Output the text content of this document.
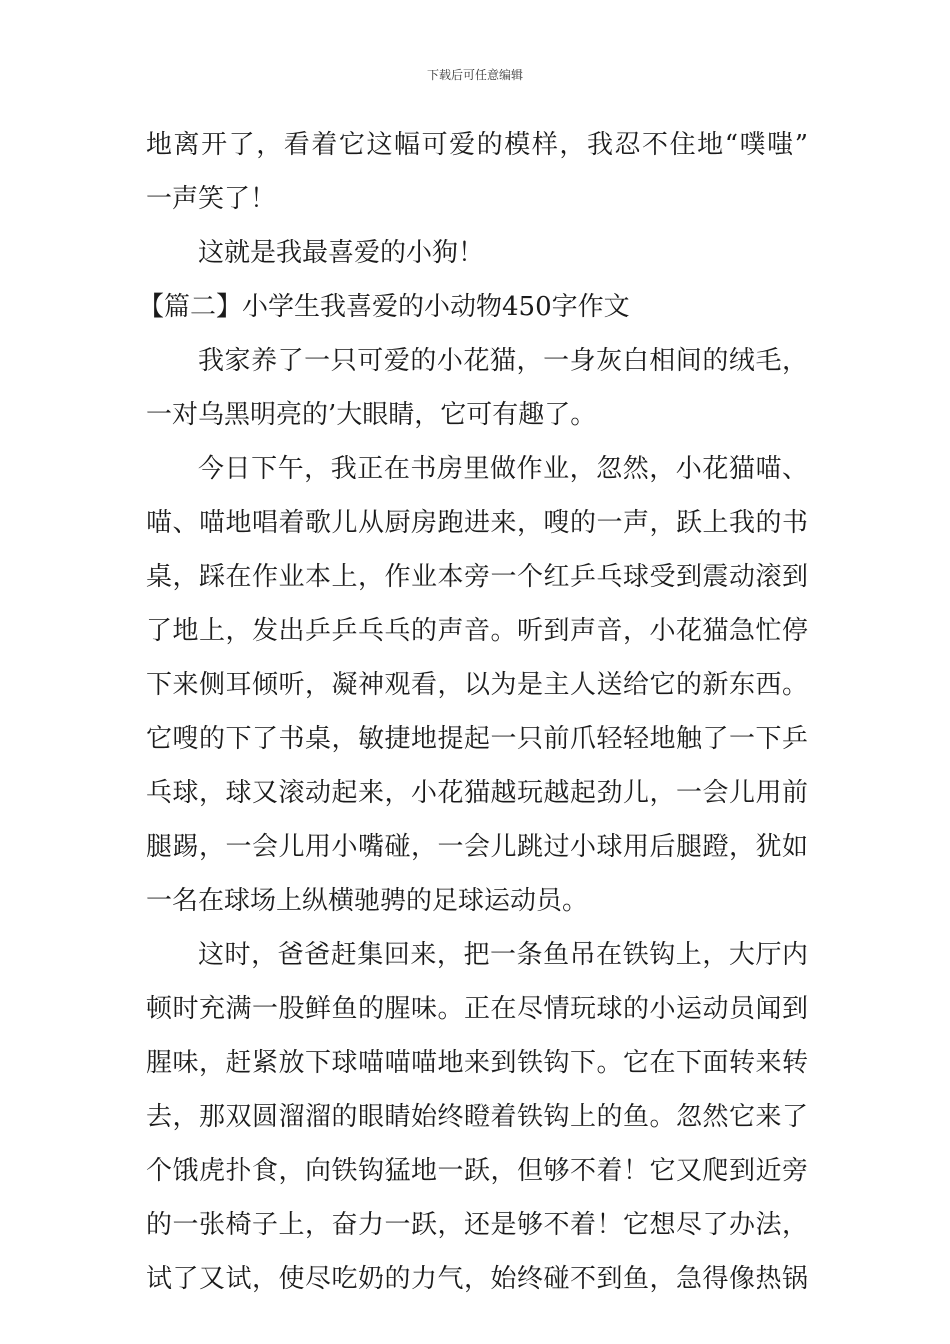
下载后可任意编辑
地离开了，看着它这幅可爱的模样，我忍不住地“噗嗤”
一声笑了！
这就是我最喜爱的小狗！
【篇二】小学生我喜爱的小动物450字作文
我家养了一只可爱的小花猫，一身灰白相间的绒毛，
一对乌黑明亮的’大眼睛，它可有趣了。
今日下午，我正在书房里做作业，忽然，小花猫喵、
喵、喵地唱着歌儿从厨房跑进来，嗖的一声，跃上我的书
桌，踩在作业本上，作业本旁一个红乒乓球受到震动滚到
了地上，发出乒乒乓乓的声音。听到声音，小花猫急忙停
下来侧耳倾听，凝神观看，以为是主人送给它的新东西。
它嗖的下了书桌，敏捷地提起一只前爪轻轻地触了一下乒
乓球，球又滚动起来，小花猫越玩越起劲儿，一会儿用前
腿踢，一会儿用小嘴碰，一会儿跳过小球用后腿蹬，犹如
一名在球场上纵横驰骋的足球运动员。
这时，爸爸赶集回来，把一条鱼吊在铁钩上，大厅内
顿时充满一股鲜鱼的腥味。正在尽情玩球的小运动员闻到
腥味，赶紧放下球喵喵喵地来到铁钩下。它在下面转来转
去，那双圆溜溜的眼睛始终瞪着铁钩上的鱼。忽然它来了
个饿虎扑食，向铁钩猛地一跃，但够不着！它又爬到近旁
的一张椅子上，奋力一跃，还是够不着！它想尽了办法，
试了又试，使尽吃奶的力气，始终碰不到鱼，急得像热锅
